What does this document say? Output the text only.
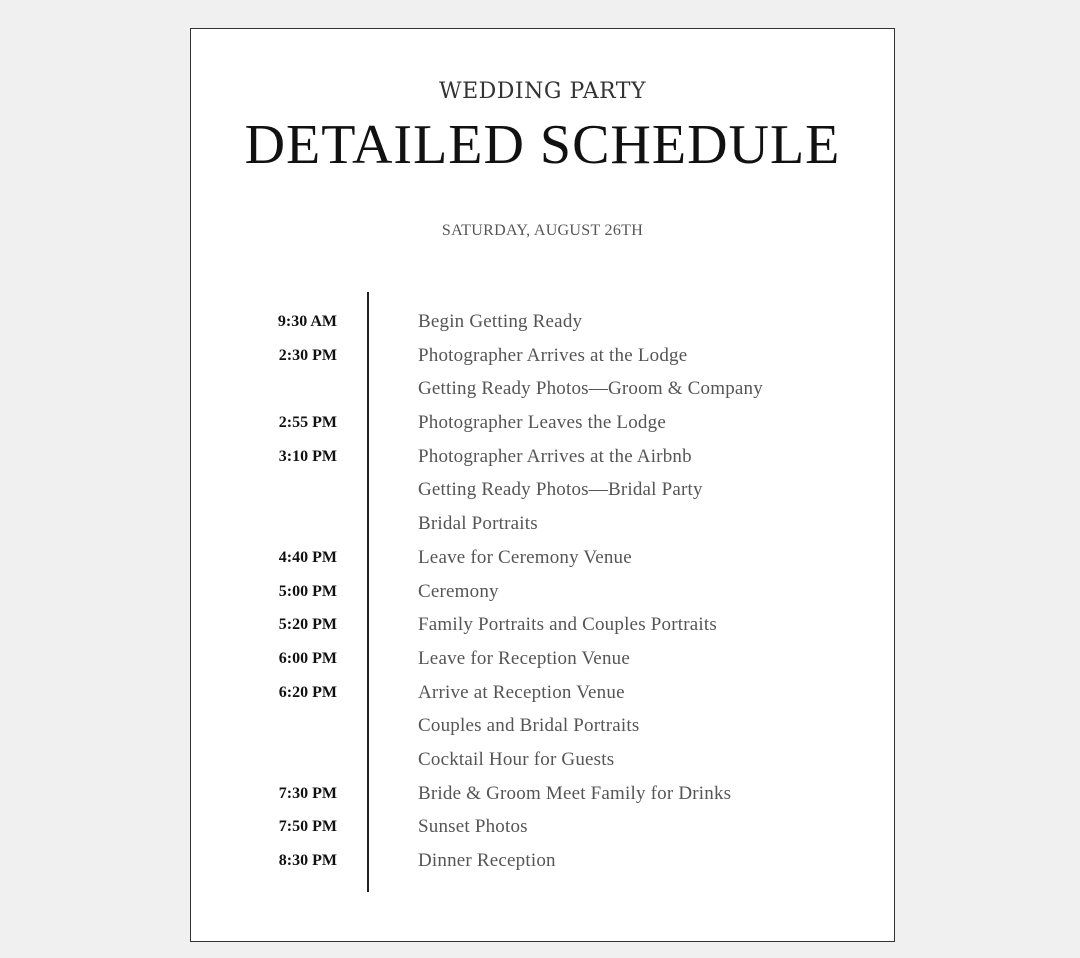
WEDDING PARTY
DETAILED SCHEDULE
SATURDAY, AUGUST 26TH
9:30 AM	Begin Getting Ready
2:30 PM	Photographer Arrives at the Lodge
Getting Ready Photos—Groom & Company
2:55 PM	Photographer Leaves the Lodge
3:10 PM	Photographer Arrives at the Airbnb
Getting Ready Photos—Bridal Party
Bridal Portraits
4:40 PM	Leave for Ceremony Venue
5:00 PM	Ceremony
5:20 PM	Family Portraits and Couples Portraits
6:00 PM	Leave for Reception Venue
6:20 PM	Arrive at Reception Venue
Couples and Bridal Portraits
Cocktail Hour for Guests
7:30 PM	Bride & Groom Meet Family for Drinks
7:50 PM	Sunset Photos
8:30 PM	Dinner Reception
